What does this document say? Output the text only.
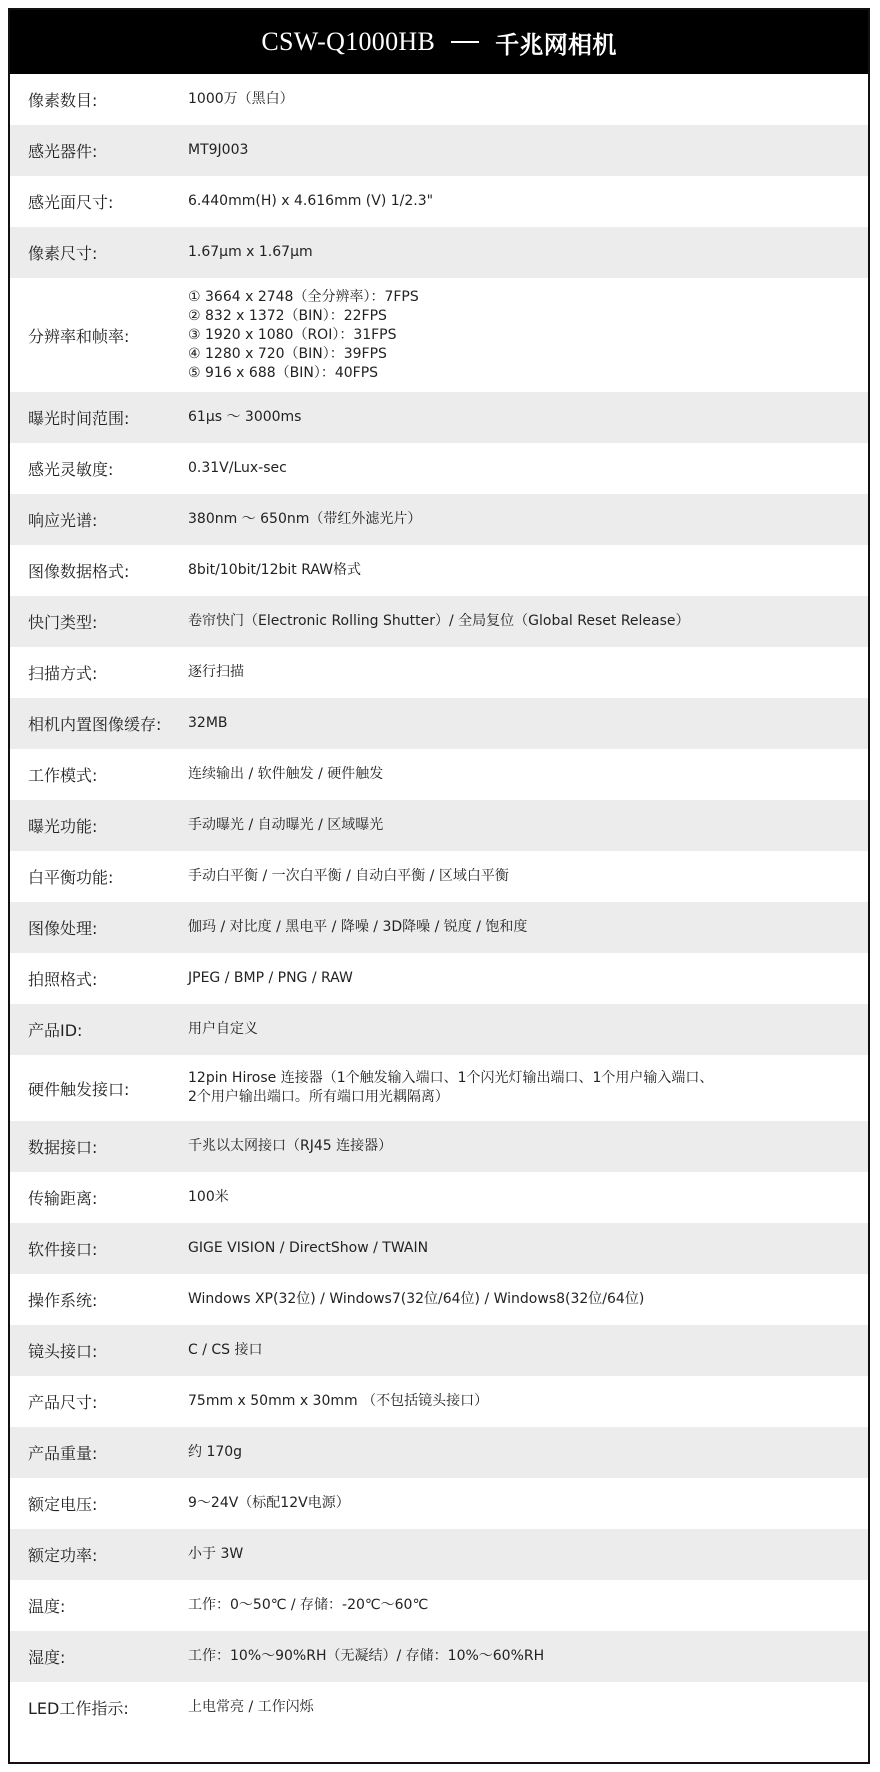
CSW-Q1000HB	千兆网相机
像素数目:	1000万（黑白）
感光器件:	MT9J003
感光面尺寸:	6.440mm(H) x 4.616mm (V) 1/2.3"
像素尺寸:	1.67μm x 1.67μm
分辨率和帧率:
① 3664 x 2748（全分辨率）：7FPS
② 832 x 1372（BIN）：22FPS
③ 1920 x 1080（ROI）：31FPS
④ 1280 x 720（BIN）：39FPS
⑤ 916 x 688（BIN）：40FPS
曝光时间范围:	61μs ～ 3000ms
感光灵敏度:	0.31V/Lux-sec
响应光谱:	380nm ～ 650nm（带红外滤光片）
图像数据格式:	8bit/10bit/12bit RAW格式
快门类型:	卷帘快门（Electronic Rolling Shutter）/ 全局复位（Global Reset Release）
扫描方式:	逐行扫描
相机内置图像缓存:	32MB
工作模式:	连续输出 / 软件触发 / 硬件触发
曝光功能:	手动曝光 / 自动曝光 / 区域曝光
白平衡功能:	手动白平衡 / 一次白平衡 / 自动白平衡 / 区域白平衡
图像处理:	伽玛 / 对比度 / 黑电平 / 降噪 / 3D降噪 / 锐度 / 饱和度
拍照格式:	JPEG / BMP / PNG / RAW
产品ID:	用户自定义
硬件触发接口:
12pin Hirose 连接器（1个触发输入端口、1个闪光灯输出端口、1个用户输入端口、
2个用户输出端口。所有端口用光耦隔离）
数据接口:	千兆以太网接口（RJ45 连接器）
传输距离:	100米
软件接口:	GIGE VISION / DirectShow / TWAIN
操作系统:	Windows XP(32位) / Windows7(32位/64位) / Windows8(32位/64位)
镜头接口:	C / CS 接口
产品尺寸:	75mm x 50mm x 30mm （不包括镜头接口）
产品重量:	约 170g
额定电压:	9～24V（标配12V电源）
额定功率:	小于 3W
温度:	工作：0～50℃ / 存储：-20℃～60℃
湿度:	工作：10%～90%RH（无凝结）/ 存储：10%～60%RH
LED工作指示:	上电常亮 / 工作闪烁
